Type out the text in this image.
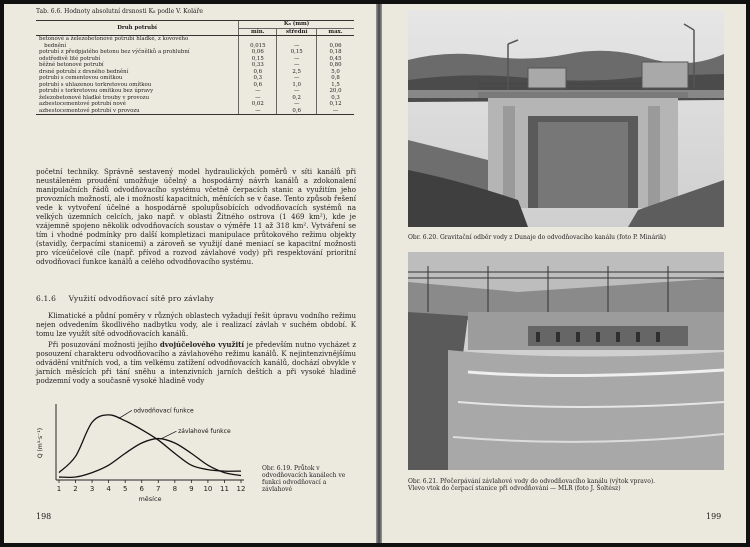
Tab. 6.6. Hodnoty absolutní drsnosti K₈ podle V. Koláře
Druh potrubí	K₈ (mm)		
	min.	střední	max.
betonové a železobetonové potrubí hladké, z kovového			
bednění	0,015	—	0,06
potrubí z předpjatého betonu bez výčnělků a prohlubní	0,06	0,15	0,18
odstředivě lité potrubí	0,15	—	0,45
běžné betonové potrubí	0,33	—	0,80
drsné potrubí z drsného bednění	0,6	2,5	5,0
potrubí s cementovou omítkou	0,3	—	0,8
potrubí s uhlazenou torkretovou omítkou	0,6	1,0	1,5
potrubí s torkretovou omítkou bez úpravy	—	—	20,0
železobetonové hladké trouby v provozu	—	0,2	0,3
azbestocementové potrubí nové	0,02	—	0,12
azbestocementové potrubí v provozu	—	0,6	—

početní techniky. Správně sestavený model hydraulických poměrů v síti kanálů při neustáleném proudění umožňuje účelný a hospodárný návrh kanálů a zdokonalení manipulačních řádů odvodňovacího systému včetně čerpacích stanic a využitím jeho provozních možností, ale i možností kapacitních, měnících se v čase. Tento způsob řešení vede k vytvoření účelné a hospodárně spolupůsobících odvodňovacích systémů na velkých územních celcích, jako např. v oblasti Žitného ostrova (1 469 km²), kde je vzájemně spojeno několik odvodňovacích soustav o výměře 11 až 318 km². Vytváření se tím i vhodné podmínky pro další kompletizaci manipulace průtokového režimu objekty (stavidly, čerpacími stanicemi) a zároveň se využijí dané meniací se kapacitní možnosti pro víceúčelové cíle (např. přívod a rozvod závlahové vody) při respektování prioritní odvodňovací funkce kanálů a celého odvodňovacího systému.

6.1.6 Využití odvodňovací sítě pro závlahy

Klimatické a půdní poměry v různých oblastech vyžadují řešit úpravu vodního režimu nejen odvedením škodlivého nadbytku vody, ale i realizací závlah v suchém období. K tomu lze využít sítě odvodňovacích kanálů.

Při posuzování možnosti jejího dvojúčelového využití je především nutno vycházet z posouzení charakteru odvodňovacího a závlahového režimu kanálů. K nejintenzivnějšímu odvádění vnitřních vod, a tím velkému zatížení odvodňovacích kanálů, dochází obvykle v jarních měsících při tání sněhu a intenzivních jarních deštích a při vysoké hladině podzemní vody a současně vysoké hladině vody

1 2 3 4 5 6 7 8 9 10 11 12
měsíce
Q (m³·s⁻¹)
odvodňovací funkce
závlahové funkce
Obr. 6.19. Průtok v odvodňovacích kanálech ve funkci odvodňovací a závlahové
198
Obr. 6.20. Gravitační odběr vody z Dunaje do odvodňovacího kanálu (foto P. Minárik)
Obr. 6.21. Přečerpávání závlahové vody do odvodňovacího kanálu (výtok vpravo).
Vlevo vtok do čerpací stanice při odvodňování — MLR (foto J. Šoltész)
199
